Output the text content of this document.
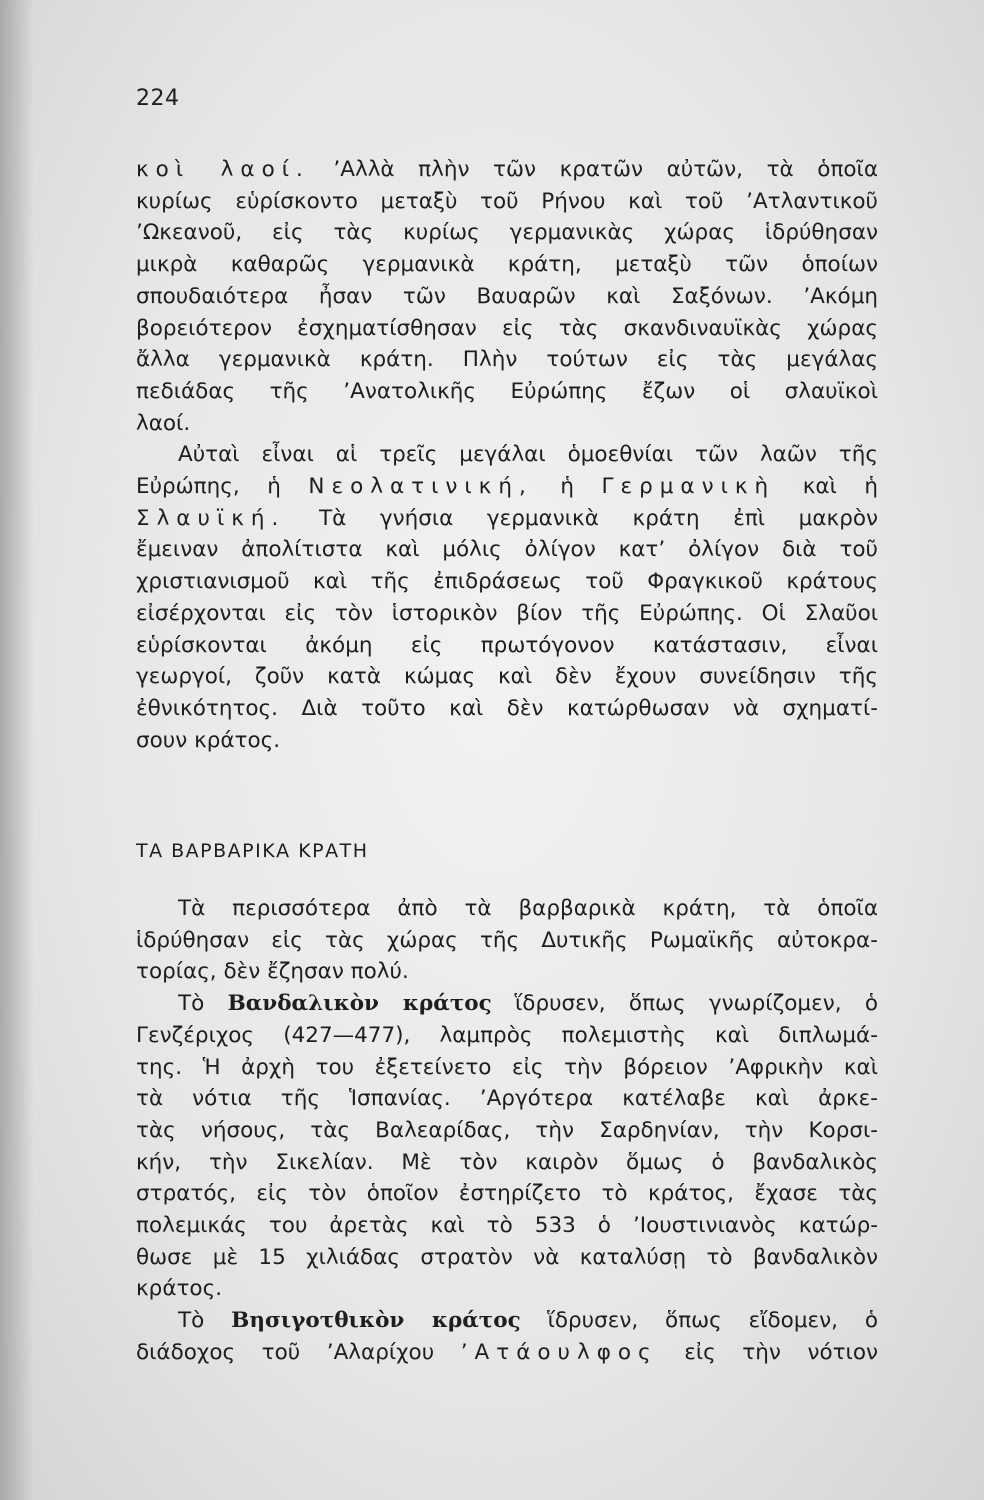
224
κοὶ λαοί. ’Αλλὰ πλὴν τῶν κρατῶν αὐτῶν, τὰ ὁποῖα
κυρίως εὑρίσκοντο μεταξὺ τοῦ Ρήνου καὶ τοῦ ’Ατλαντικοῦ
’Ωκεανοῦ, εἰς τὰς κυρίως γερμανικὰς χώρας ἱδρύθησαν
μικρὰ καθαρῶς γερμανικὰ κράτη, μεταξὺ τῶν ὁποίων
σπουδαιότερα ἦσαν τῶν Βαυαρῶν καὶ Σαξόνων. ’Ακόμη
βορειότερον ἐσχηματίσθησαν εἰς τὰς σκανδιναυϊκὰς χώρας
ἄλλα γερμανικὰ κράτη. Πλὴν τούτων εἰς τὰς μεγάλας
πεδιάδας τῆς ’Ανατολικῆς Εὐρώπης ἔζων οἱ σλαυϊκοὶ
λαοί.
Αὐταὶ εἶναι αἱ τρεῖς μεγάλαι ὁμοεθνίαι τῶν λαῶν τῆς
Εὐρώπης, ἡ Νεολατινική, ἡ Γερμανικὴ καὶ ἡ
Σλαυϊκή. Τὰ γνήσια γερμανικὰ κράτη ἐπὶ μακρὸν
ἔμειναν ἀπολίτιστα καὶ μόλις ὀλίγον κατ’ ὀλίγον διὰ τοῦ
χριστιανισμοῦ καὶ τῆς ἐπιδράσεως τοῦ Φραγκικοῦ κράτους
εἰσέρχονται εἰς τὸν ἱστορικὸν βίον τῆς Εὐρώπης. Οἱ Σλαῦοι
εὑρίσκονται ἀκόμη εἰς πρωτόγονον κατάστασιν, εἶναι
γεωργοί, ζοῦν κατὰ κώμας καὶ δὲν ἔχουν συνείδησιν τῆς
ἐθνικότητος. Διὰ τοῦτο καὶ δὲν κατώρθωσαν νὰ σχηματί-
σουν κράτος.
ΤΑ ΒΑΡΒΑΡΙΚΑ ΚΡΑΤΗ
Τὰ περισσότερα ἀπὸ τὰ βαρβαρικὰ κράτη, τὰ ὁποῖα
ἱδρύθησαν εἰς τὰς χώρας τῆς Δυτικῆς Ρωμαϊκῆς αὐτοκρα-
τορίας, δὲν ἔζησαν πολύ.
Τὸ Βανδαλικὸν κράτος ἵδρυσεν, ὅπως γνωρίζομεν, ὁ
Γενζέριχος (427—477), λαμπρὸς πολεμιστὴς καὶ διπλωμά-
της. Ἡ ἀρχὴ του ἐξετείνετο εἰς τὴν βόρειον ’Αφρικὴν καὶ
τὰ νότια τῆς Ἱσπανίας. ’Αργότερα κατέλαβε καὶ ἀρκε-
τὰς νήσους, τὰς Βαλεαρίδας, τὴν Σαρδηνίαν, τὴν Κορσι-
κήν, τὴν Σικελίαν. Μὲ τὸν καιρὸν ὅμως ὁ βανδαλικὸς
στρατός, εἰς τὸν ὁποῖον ἐστηρίζετο τὸ κράτος, ἔχασε τὰς
πολεμικάς του ἀρετὰς καὶ τὸ 533 ὁ ’Ιουστινιανὸς κατώρ-
θωσε μὲ 15 χιλιάδας στρατὸν νὰ καταλύσῃ τὸ βανδαλικὸν
κράτος.
Τὸ Βησιγοτθικὸν κράτος ἵδρυσεν, ὅπως εἴδομεν, ὁ
διάδοχος τοῦ ’Αλαρίχου ’Ατάουλφος εἰς τὴν νότιον
